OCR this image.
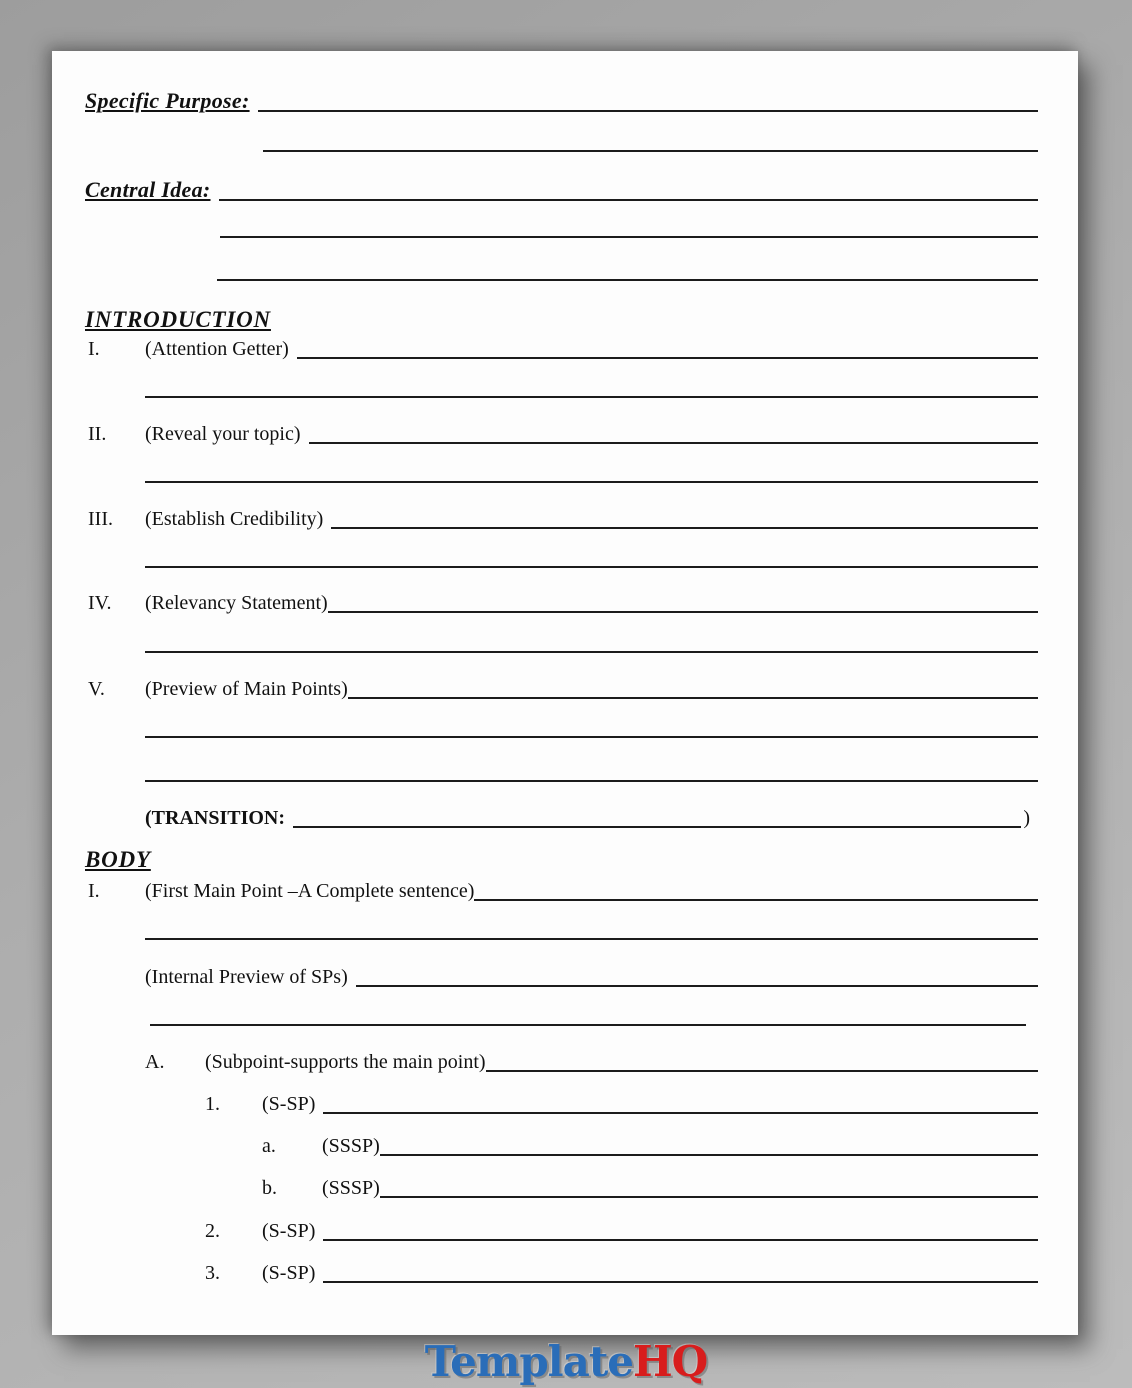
Specific Purpose:
Central Idea:
INTRODUCTION
I.	(Attention Getter)
II.	(Reveal your topic)
III.	(Establish Credibility)
IV.	(Relevancy Statement)
V.	(Preview of Main Points)
(TRANSITION:	)
BODY
I.	(First Main Point –A Complete sentence)
(Internal Preview of SPs)
A.	(Subpoint-supports the main point)
1.	(S-SP)
a.	(SSSP)
b.	(SSSP)
2.	(S-SP)
3.	(S-SP)
Template HQ
